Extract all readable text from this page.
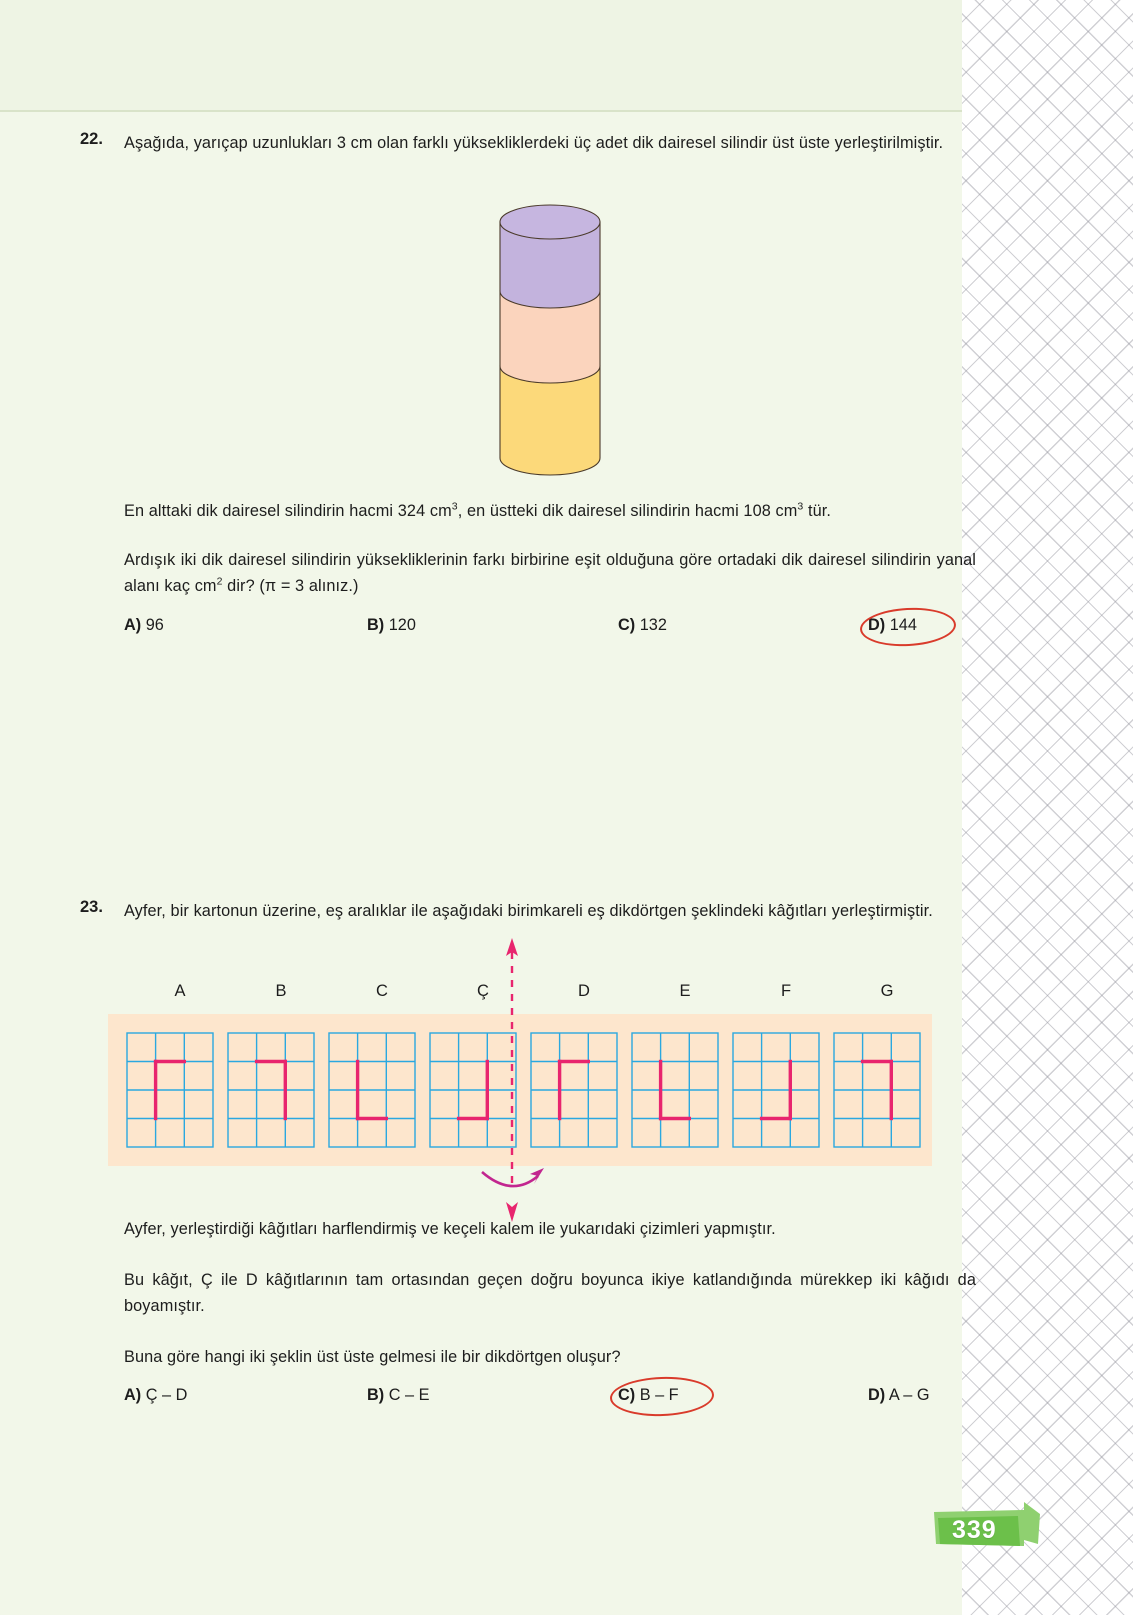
22.	Aşağıda, yarıçap uzunlukları 3 cm olan farklı yüksekliklerdeki üç adet dik dairesel silindir üst üste yerleştirilmiştir.

En alttaki dik dairesel silindirin hacmi 324 $cm^3$, en üstteki dik dairesel silindirin hacmi 108 $cm^3$ tür.

Ardışık iki dik dairesel silindirin yüksekliklerinin farkı birbirine eşit olduğuna göre ortadaki dik dairesel silindirin yanal alanı kaç $cm^2$ dir? (π = 3 alınız.)

A) 96	B) 120	C) 132	D) 144
23.	Ayfer, bir kartonun üzerine, eş aralıklar ile aşağıdaki birimkareli eş dikdörtgen şeklindeki kâğıtları yerleştirmiştir.

A	B	C	Ç	D	E	F	G

Ayfer, yerleştirdiği kâğıtları harflendirmiş ve keçeli kalem ile yukarıdaki çizimleri yapmıştır.

Bu kâğıt, Ç ile D kâğıtlarının tam ortasından geçen doğru boyunca ikiye katlandığında mürekkep iki kâğıdı da boyamıştır.

Buna göre hangi iki şeklin üst üste gelmesi ile bir dikdörtgen oluşur?

A) Ç – D	B) C – E	C) B – F	D) A – G
339
